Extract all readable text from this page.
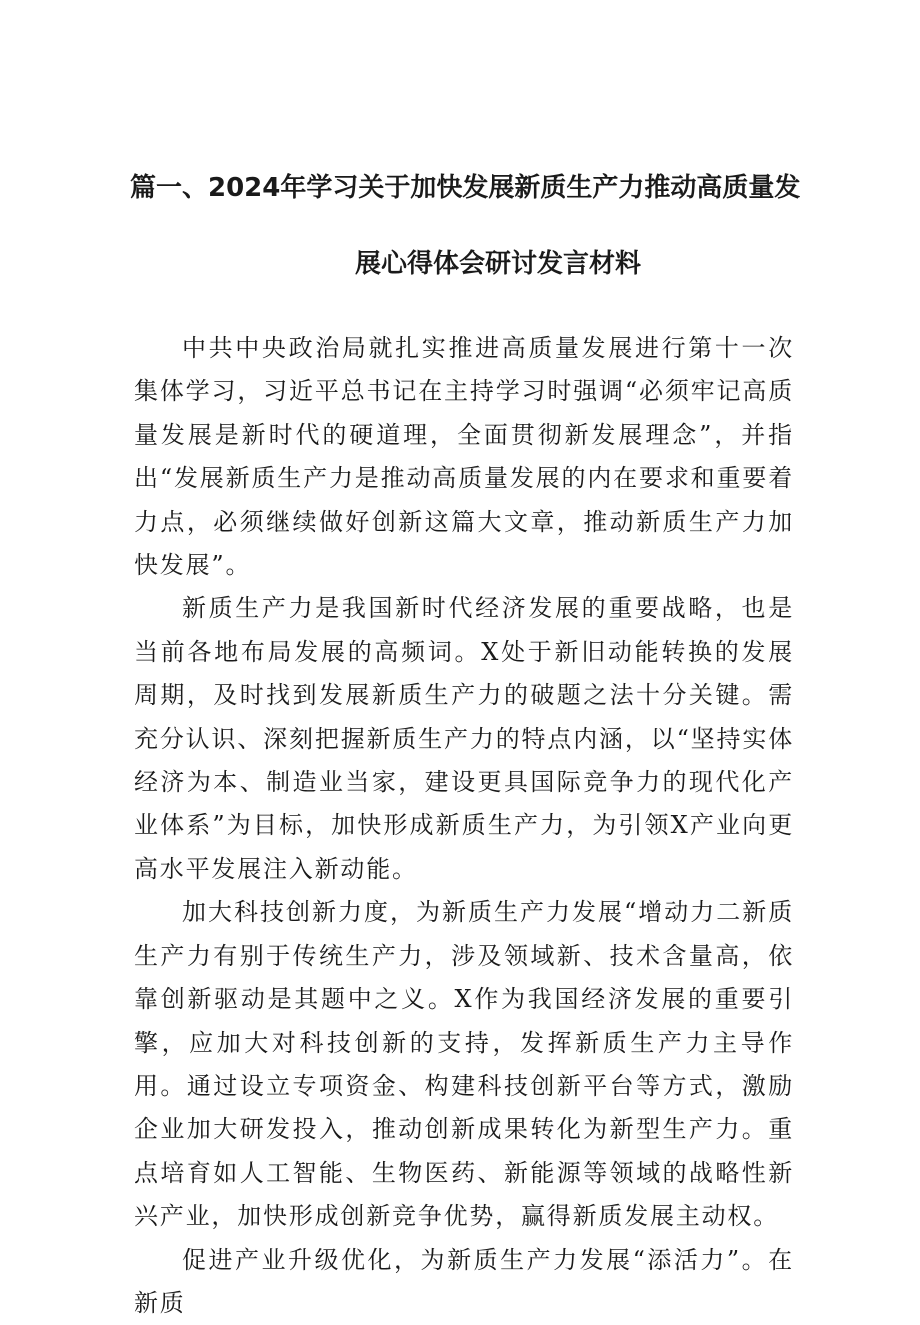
篇一、2024年学习关于加快发展新质生产力推动高质量发
展心得体会研讨发言材料

中共中央政治局就扎实推进高质量发展进行第十一次集体学习，习近平总书记在主持学习时强调“必须牢记高质量发展是新时代的硬道理，全面贯彻新发展理念”，并指出“发展新质生产力是推动高质量发展的内在要求和重要着力点，必须继续做好创新这篇大文章，推动新质生产力加快发展”。

新质生产力是我国新时代经济发展的重要战略，也是当前各地布局发展的高频词。X处于新旧动能转换的发展周期，及时找到发展新质生产力的破题之法十分关键。需充分认识、深刻把握新质生产力的特点内涵，以“坚持实体经济为本、制造业当家，建设更具国际竞争力的现代化产业体系”为目标，加快形成新质生产力，为引领X产业向更高水平发展注入新动能。

加大科技创新力度，为新质生产力发展“增动力二新质生产力有别于传统生产力，涉及领域新、技术含量高，依靠创新驱动是其题中之义。X作为我国经济发展的重要引擎，应加大对科技创新的支持，发挥新质生产力主导作用。通过设立专项资金、构建科技创新平台等方式，激励企业加大研发投入，推动创新成果转化为新型生产力。重点培育如人工智能、生物医药、新能源等领域的战略性新兴产业，加快形成创新竞争优势，赢得新质发展主动权。

促进产业升级优化，为新质生产力发展“添活力”。在新质
